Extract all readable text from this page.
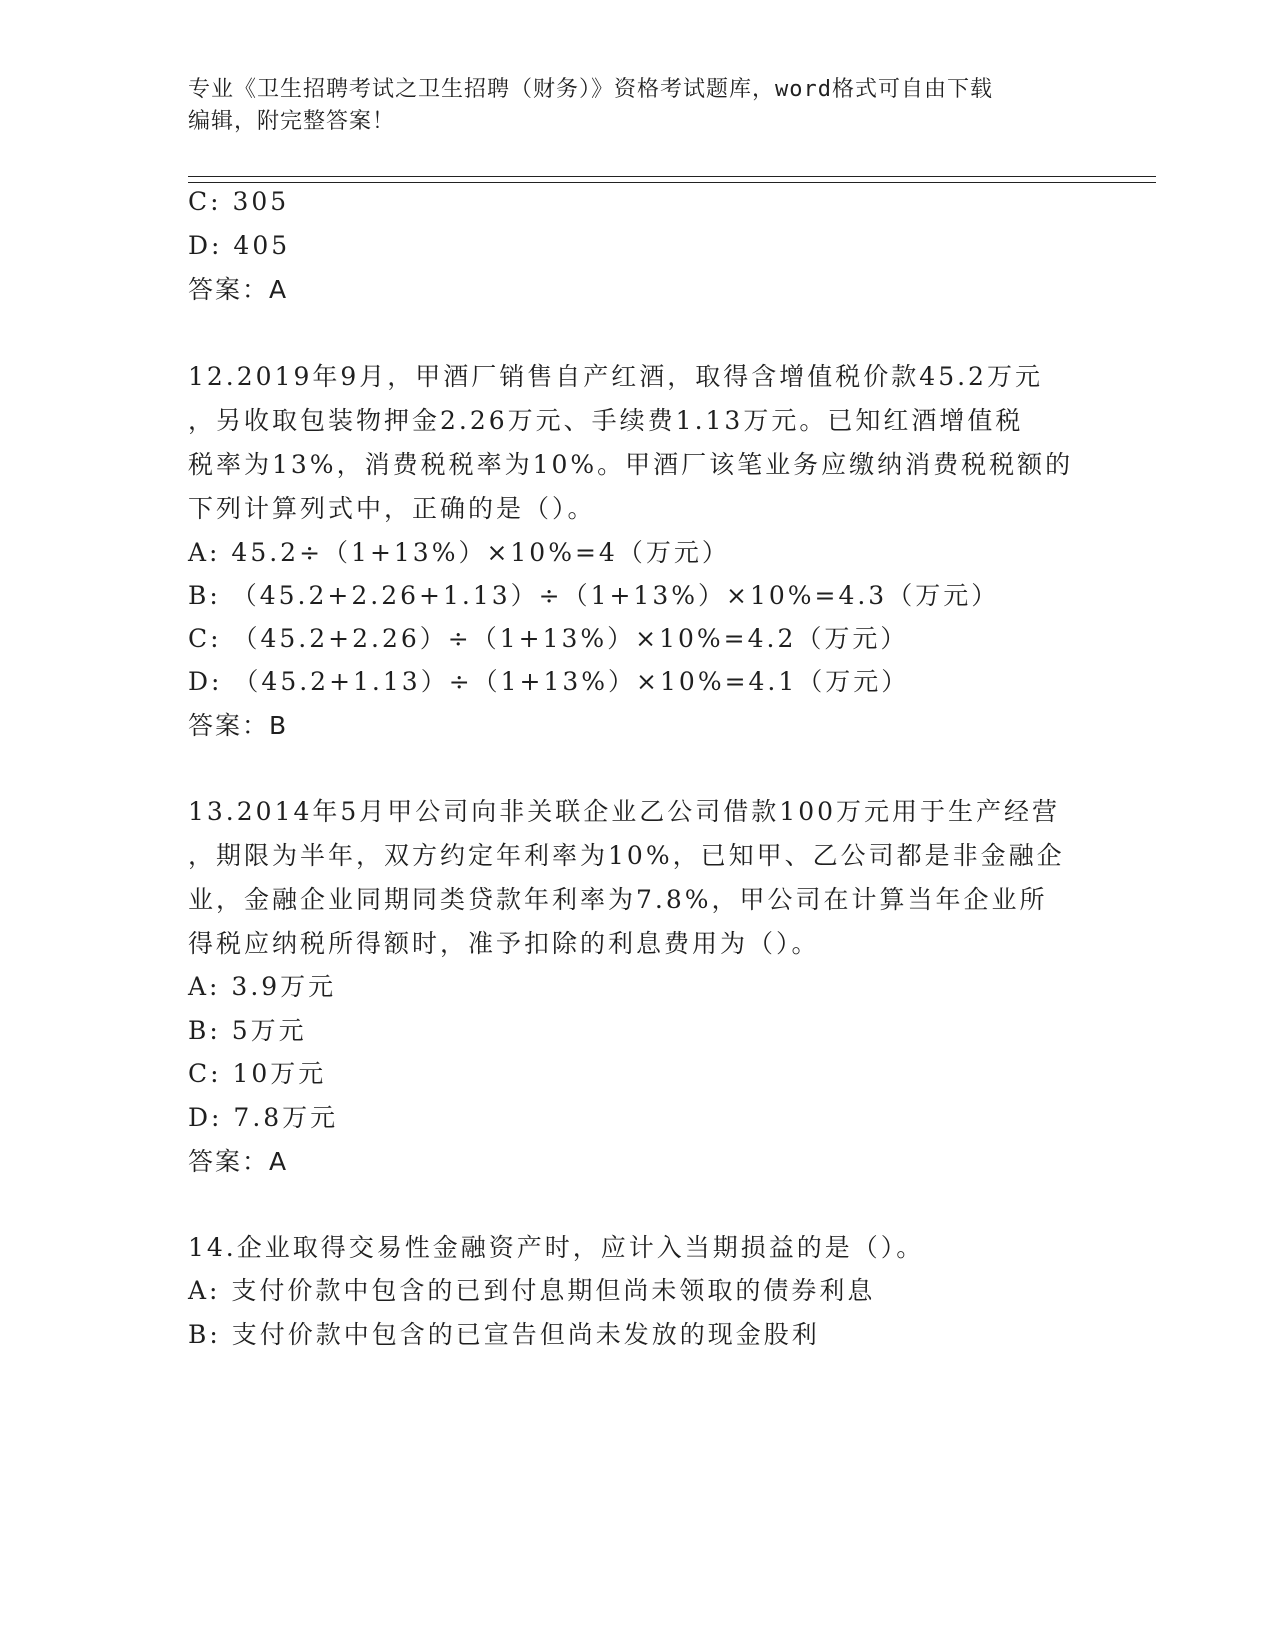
专业《卫生招聘考试之卫生招聘（财务）》资格考试题库，word格式可自由下载
编辑，附完整答案！
C: 305
D: 405
答案：A
12.2019年9月，甲酒厂销售自产红酒，取得含增值税价款45.2万元
，另收取包装物押金2.26万元、手续费1.13万元。已知红酒增值税
税率为13%，消费税税率为10%。甲酒厂该笔业务应缴纳消费税税额的
下列计算列式中，正确的是（）。
A: 45.2÷（1+13%）×10%=4（万元）
B: （45.2+2.26+1.13）÷（1+13%）×10%=4.3（万元）
C: （45.2+2.26）÷（1+13%）×10%=4.2（万元）
D: （45.2+1.13）÷（1+13%）×10%=4.1（万元）
答案：B
13.2014年5月甲公司向非关联企业乙公司借款100万元用于生产经营
，期限为半年，双方约定年利率为10%，已知甲、乙公司都是非金融企
业，金融企业同期同类贷款年利率为7.8%，甲公司在计算当年企业所
得税应纳税所得额时，准予扣除的利息费用为（）。
A: 3.9万元
B: 5万元
C: 10万元
D: 7.8万元
答案：A
14.企业取得交易性金融资产时，应计入当期损益的是（）。
A: 支付价款中包含的已到付息期但尚未领取的债券利息
B: 支付价款中包含的已宣告但尚未发放的现金股利
